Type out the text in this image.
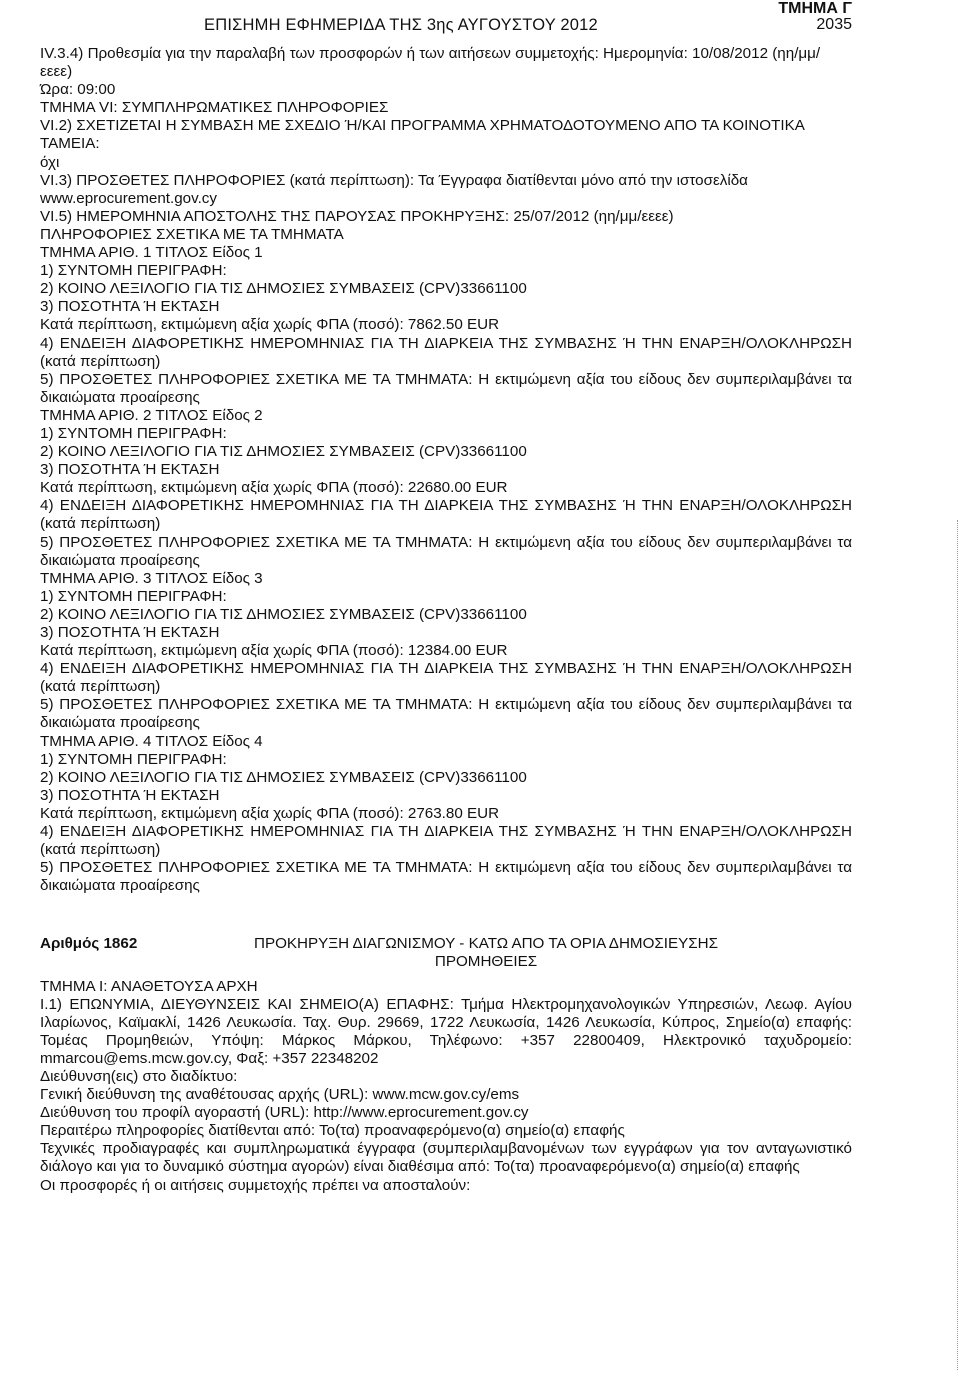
ΕΠΙΣΗΜΗ ΕΦΗΜΕΡΙΔΑ ΤΗΣ 3ης ΑΥΓΟΥΣΤΟΥ 2012
ΤΜΗΜΑ Γ
2035

IV.3.4) Προθεσμία για την παραλαβή των προσφορών ή των αιτήσεων συμμετοχής: Ημερομηνία: 10/08/2012 (ηη/μμ/εεεε)

Ώρα: 09:00

ΤΜΗΜΑ VI: ΣΥΜΠΛΗΡΩΜΑΤΙΚΕΣ ΠΛΗΡΟΦΟΡΙΕΣ

VI.2) ΣΧΕΤΙΖΕΤΑΙ Η ΣΥΜΒΑΣΗ ΜΕ ΣΧΕΔΙΟ Ή/ΚΑΙ ΠΡΟΓΡΑΜΜΑ ΧΡΗΜΑΤΟΔΟΤΟΥΜΕΝΟ ΑΠΟ ΤΑ ΚΟΙΝΟΤΙΚΑ ΤΑΜΕΙΑ:

όχι

VI.3) ΠΡΟΣΘΕΤΕΣ ΠΛΗΡΟΦΟΡΙΕΣ (κατά περίπτωση): Τα Έγγραφα διατίθενται μόνο από την ιστοσελίδα

www.eprocurement.gov.cy

VI.5) ΗΜΕΡΟΜΗΝΙΑ ΑΠΟΣΤΟΛΗΣ ΤΗΣ ΠΑΡΟΥΣΑΣ ΠΡΟΚΗΡΥΞΗΣ: 25/07/2012 (ηη/μμ/εεεε)

ΠΛΗΡΟΦΟΡΙΕΣ ΣΧΕΤΙΚΑ ΜΕ ΤΑ ΤΜΗΜΑΤΑ

ΤΜΗΜΑ ΑΡΙΘ. 1 ΤΙΤΛΟΣ Είδος 1

1) ΣΥΝΤΟΜΗ ΠΕΡΙΓΡΑΦΗ:

2) ΚΟΙΝΟ ΛΕΞΙΛΟΓΙΟ ΓΙΑ ΤΙΣ ΔΗΜΟΣΙΕΣ ΣΥΜΒΑΣΕΙΣ (CPV)33661100

3) ΠΟΣΟΤΗΤΑ Ή ΕΚΤΑΣΗ

Κατά περίπτωση, εκτιμώμενη αξία χωρίς ΦΠΑ (ποσό): 7862.50 EUR

4) ΕΝΔΕΙΞΗ ΔΙΑΦΟΡΕΤΙΚΗΣ ΗΜΕΡΟΜΗΝΙΑΣ ΓΙΑ ΤΗ ΔΙΑΡΚΕΙΑ ΤΗΣ ΣΥΜΒΑΣΗΣ Ή ΤΗΝ ΕΝΑΡΞΗ/ΟΛΟΚΛΗΡΩΣΗ (κατά περίπτωση)

5) ΠΡΟΣΘΕΤΕΣ ΠΛΗΡΟΦΟΡΙΕΣ ΣΧΕΤΙΚΑ ΜΕ ΤΑ ΤΜΗΜΑΤΑ: Η εκτιμώμενη αξία του είδους δεν συμπεριλαμβάνει τα δικαιώματα προαίρεσης

ΤΜΗΜΑ ΑΡΙΘ. 2 ΤΙΤΛΟΣ Είδος 2

1) ΣΥΝΤΟΜΗ ΠΕΡΙΓΡΑΦΗ:

2) ΚΟΙΝΟ ΛΕΞΙΛΟΓΙΟ ΓΙΑ ΤΙΣ ΔΗΜΟΣΙΕΣ ΣΥΜΒΑΣΕΙΣ (CPV)33661100

3) ΠΟΣΟΤΗΤΑ Ή ΕΚΤΑΣΗ

Κατά περίπτωση, εκτιμώμενη αξία χωρίς ΦΠΑ (ποσό): 22680.00 EUR

4) ΕΝΔΕΙΞΗ ΔΙΑΦΟΡΕΤΙΚΗΣ ΗΜΕΡΟΜΗΝΙΑΣ ΓΙΑ ΤΗ ΔΙΑΡΚΕΙΑ ΤΗΣ ΣΥΜΒΑΣΗΣ Ή ΤΗΝ ΕΝΑΡΞΗ/ΟΛΟΚΛΗΡΩΣΗ (κατά περίπτωση)

5) ΠΡΟΣΘΕΤΕΣ ΠΛΗΡΟΦΟΡΙΕΣ ΣΧΕΤΙΚΑ ΜΕ ΤΑ ΤΜΗΜΑΤΑ: Η εκτιμώμενη αξία του είδους δεν συμπεριλαμβάνει τα δικαιώματα προαίρεσης

ΤΜΗΜΑ ΑΡΙΘ. 3 ΤΙΤΛΟΣ Είδος 3

1) ΣΥΝΤΟΜΗ ΠΕΡΙΓΡΑΦΗ:

2) ΚΟΙΝΟ ΛΕΞΙΛΟΓΙΟ ΓΙΑ ΤΙΣ ΔΗΜΟΣΙΕΣ ΣΥΜΒΑΣΕΙΣ (CPV)33661100

3) ΠΟΣΟΤΗΤΑ Ή ΕΚΤΑΣΗ

Κατά περίπτωση, εκτιμώμενη αξία χωρίς ΦΠΑ (ποσό): 12384.00 EUR

4) ΕΝΔΕΙΞΗ ΔΙΑΦΟΡΕΤΙΚΗΣ ΗΜΕΡΟΜΗΝΙΑΣ ΓΙΑ ΤΗ ΔΙΑΡΚΕΙΑ ΤΗΣ ΣΥΜΒΑΣΗΣ Ή ΤΗΝ ΕΝΑΡΞΗ/ΟΛΟΚΛΗΡΩΣΗ (κατά περίπτωση)

5) ΠΡΟΣΘΕΤΕΣ ΠΛΗΡΟΦΟΡΙΕΣ ΣΧΕΤΙΚΑ ΜΕ ΤΑ ΤΜΗΜΑΤΑ: Η εκτιμώμενη αξία του είδους δεν συμπεριλαμβάνει τα δικαιώματα προαίρεσης

ΤΜΗΜΑ ΑΡΙΘ. 4 ΤΙΤΛΟΣ Είδος 4

1) ΣΥΝΤΟΜΗ ΠΕΡΙΓΡΑΦΗ:

2) ΚΟΙΝΟ ΛΕΞΙΛΟΓΙΟ ΓΙΑ ΤΙΣ ΔΗΜΟΣΙΕΣ ΣΥΜΒΑΣΕΙΣ (CPV)33661100

3) ΠΟΣΟΤΗΤΑ Ή ΕΚΤΑΣΗ

Κατά περίπτωση, εκτιμώμενη αξία χωρίς ΦΠΑ (ποσό): 2763.80 EUR

4) ΕΝΔΕΙΞΗ ΔΙΑΦΟΡΕΤΙΚΗΣ ΗΜΕΡΟΜΗΝΙΑΣ ΓΙΑ ΤΗ ΔΙΑΡΚΕΙΑ ΤΗΣ ΣΥΜΒΑΣΗΣ Ή ΤΗΝ ΕΝΑΡΞΗ/ΟΛΟΚΛΗΡΩΣΗ (κατά περίπτωση)

5) ΠΡΟΣΘΕΤΕΣ ΠΛΗΡΟΦΟΡΙΕΣ ΣΧΕΤΙΚΑ ΜΕ ΤΑ ΤΜΗΜΑΤΑ: Η εκτιμώμενη αξία του είδους δεν συμπεριλαμβάνει τα δικαιώματα προαίρεσης

Αριθμός 1862	ΠΡΟΚΗΡΥΞΗ ΔΙΑΓΩΝΙΣΜΟΥ - ΚΑΤΩ ΑΠΟ ΤΑ ΟΡΙΑ ΔΗΜΟΣΙΕΥΣΗΣ

ΠΡΟΜΗΘΕΙΕΣ

ΤΜΗΜΑ Ι: ΑΝΑΘΕΤΟΥΣΑ ΑΡΧΗ

Ι.1) ΕΠΩΝΥΜΙΑ, ΔΙΕΥΘΥΝΣΕΙΣ ΚΑΙ ΣΗΜΕΙΟ(Α) ΕΠΑΦΗΣ: Τμήμα Ηλεκτρομηχανολογικών Υπηρεσιών, Λεωφ. Αγίου Ιλαρίωνος, Καϊμακλί, 1426 Λευκωσία. Ταχ. Θυρ. 29669, 1722 Λευκωσία, 1426 Λευκωσία, Κύπρος, Σημείο(α) επαφής: Τομέας Προμηθειών, Υπόψη: Μάρκος Μάρκου, Τηλέφωνο: +357 22800409, Ηλεκτρονικό ταχυδρομείο: mmarcou@ems.mcw.gov.cy, Φαξ: +357 22348202

Διεύθυνση(εις) στο διαδίκτυο:

Γενική διεύθυνση της αναθέτουσας αρχής (URL): www.mcw.gov.cy/ems

Διεύθυνση του προφίλ αγοραστή (URL): http://www.eprocurement.gov.cy

Περαιτέρω πληροφορίες διατίθενται από: Το(τα) προαναφερόμενο(α) σημείο(α) επαφής

Τεχνικές προδιαγραφές και συμπληρωματικά έγγραφα (συμπεριλαμβανομένων των εγγράφων για τον ανταγωνιστικό διάλογο και για το δυναμικό σύστημα αγορών) είναι διαθέσιμα από: Το(τα) προαναφερόμενο(α) σημείο(α) επαφής

Οι προσφορές ή οι αιτήσεις συμμετοχής πρέπει να αποσταλούν:
